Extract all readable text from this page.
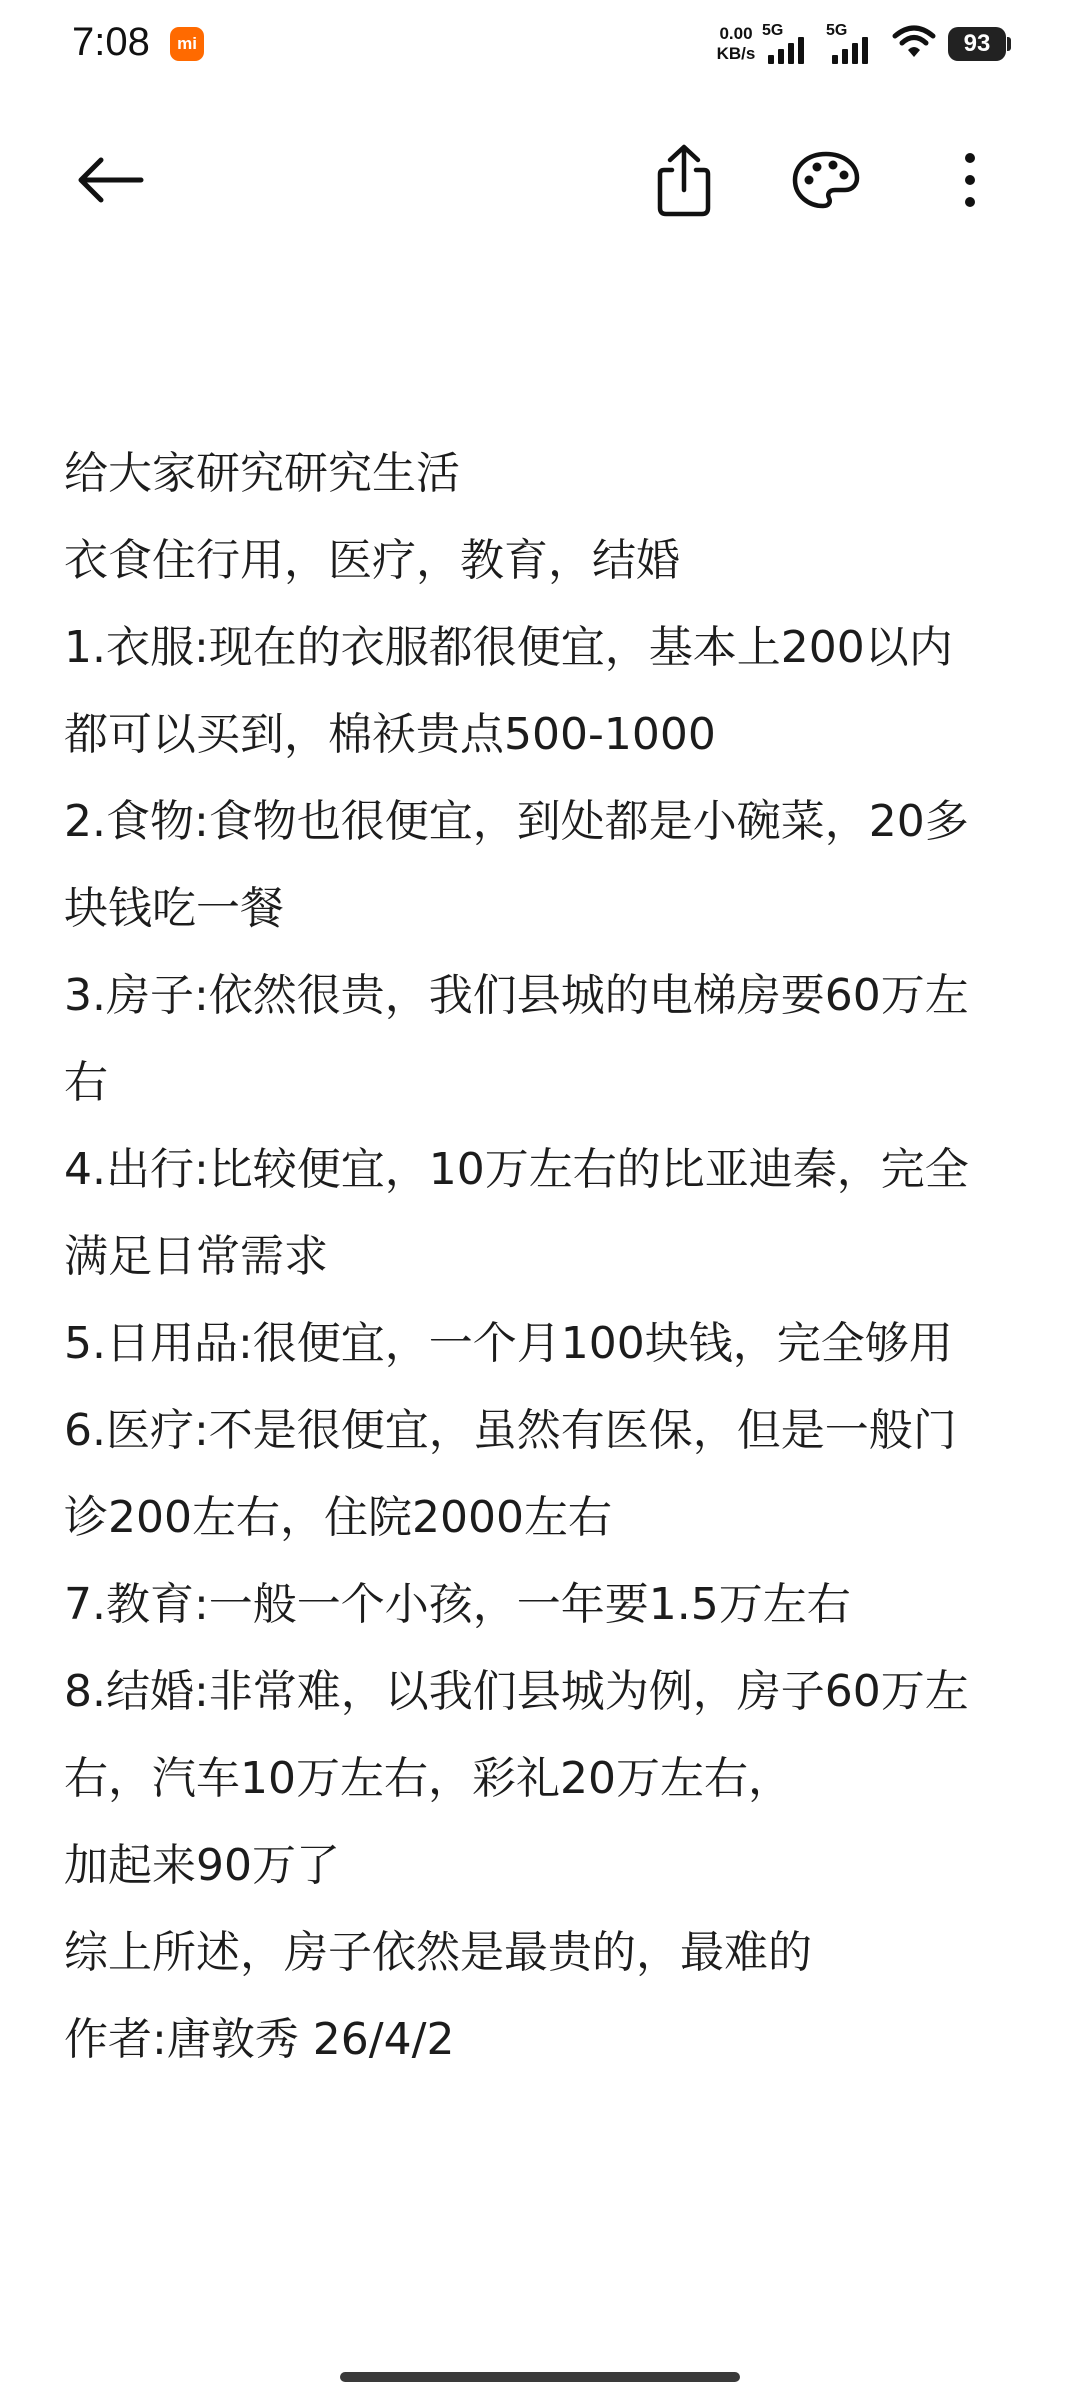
7:08	mi
0.00
KB/s
5G	5G	93
给大家研究研究生活
衣食住行用，医疗，教育，结婚
1.衣服:现在的衣服都很便宜，基本上200以内
都可以买到，棉袄贵点500-1000
2.食物:食物也很便宜，到处都是小碗菜，20多
块钱吃一餐
3.房子:依然很贵，我们县城的电梯房要60万左
右
4.出行:比较便宜，10万左右的比亚迪秦，完全
满足日常需求
5.日用品:很便宜，一个月100块钱，完全够用
6.医疗:不是很便宜，虽然有医保，但是一般门
诊200左右，住院2000左右
7.教育:一般一个小孩，一年要1.5万左右
8.结婚:非常难，以我们县城为例，房子60万左
右，汽车10万左右，彩礼20万左右，
加起来90万了
综上所述，房子依然是最贵的，最难的
作者:唐敦秀 26/4/2
